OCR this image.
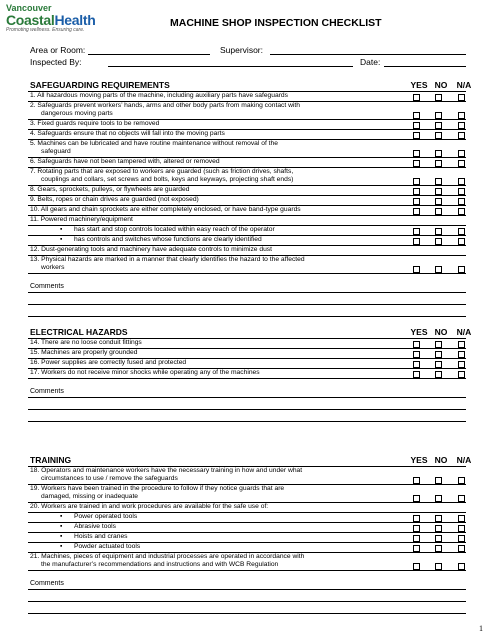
Vancouver
CoastalHealth
Promoting wellness. Ensuring care.
MACHINE SHOP INSPECTION CHECKLIST
Area or Room:	Supervisor:
Inspected By:	Date:
SAFEGUARDING REQUIREMENTS	YES NO	N/A
1. All hazardous moving parts of the machine, including auxiliary parts have safeguards
2. Safeguards prevent workers’ hands, arms and other body parts from making contact with
dangerous moving parts
3. Fixed guards require tools to be removed
4. Safeguards ensure that no objects will fall into the moving parts
5. Machines can be lubricated and have routine maintenance without removal of the
safeguard
6. Safeguards have not been tampered with, altered or removed
7. Rotating parts that are exposed to workers are guarded (such as friction drives, shafts,
couplings and collars, set screws and bolts, keys and keyways, projecting shaft ends)
8. Gears, sprockets, pulleys, or flywheels are guarded
9. Belts, ropes or chain drives are guarded (not exposed)
10. All gears and chain sprockets are either completely enclosed, or have band-type guards
11. Powered machinery/equipment
▪ has start and stop controls located within easy reach of the operator
▪ has controls and switches whose functions are clearly identified
12. Dust-generating tools and machinery have adequate controls to minimize dust
13. Physical hazards are marked in a manner that clearly identifies the hazard to the affected
workers
Comments
ELECTRICAL HAZARDS	YES NO	N/A
14. There are no loose conduit fittings
15. Machines are properly grounded
16. Power supplies are correctly fused and protected
17. Workers do not receive minor shocks while operating any of the machines
Comments
TRAINING	YES NO	N/A
18. Operators and maintenance workers have the necessary training in how and under what
circumstances to use / remove the safeguards
19. Workers have been trained in the procedure to follow if they notice guards that are
damaged, missing or inadequate
20. Workers are trained in and work procedures are available for the safe use of:
▪ Power operated tools
▪ Abrasive tools
▪ Hoists and cranes
▪ Powder actuated tools
21. Machines, pieces of equipment and industrial processes are operated in accordance with
the manufacturer’s recommendations and instructions and with WCB Regulation
Comments
1
